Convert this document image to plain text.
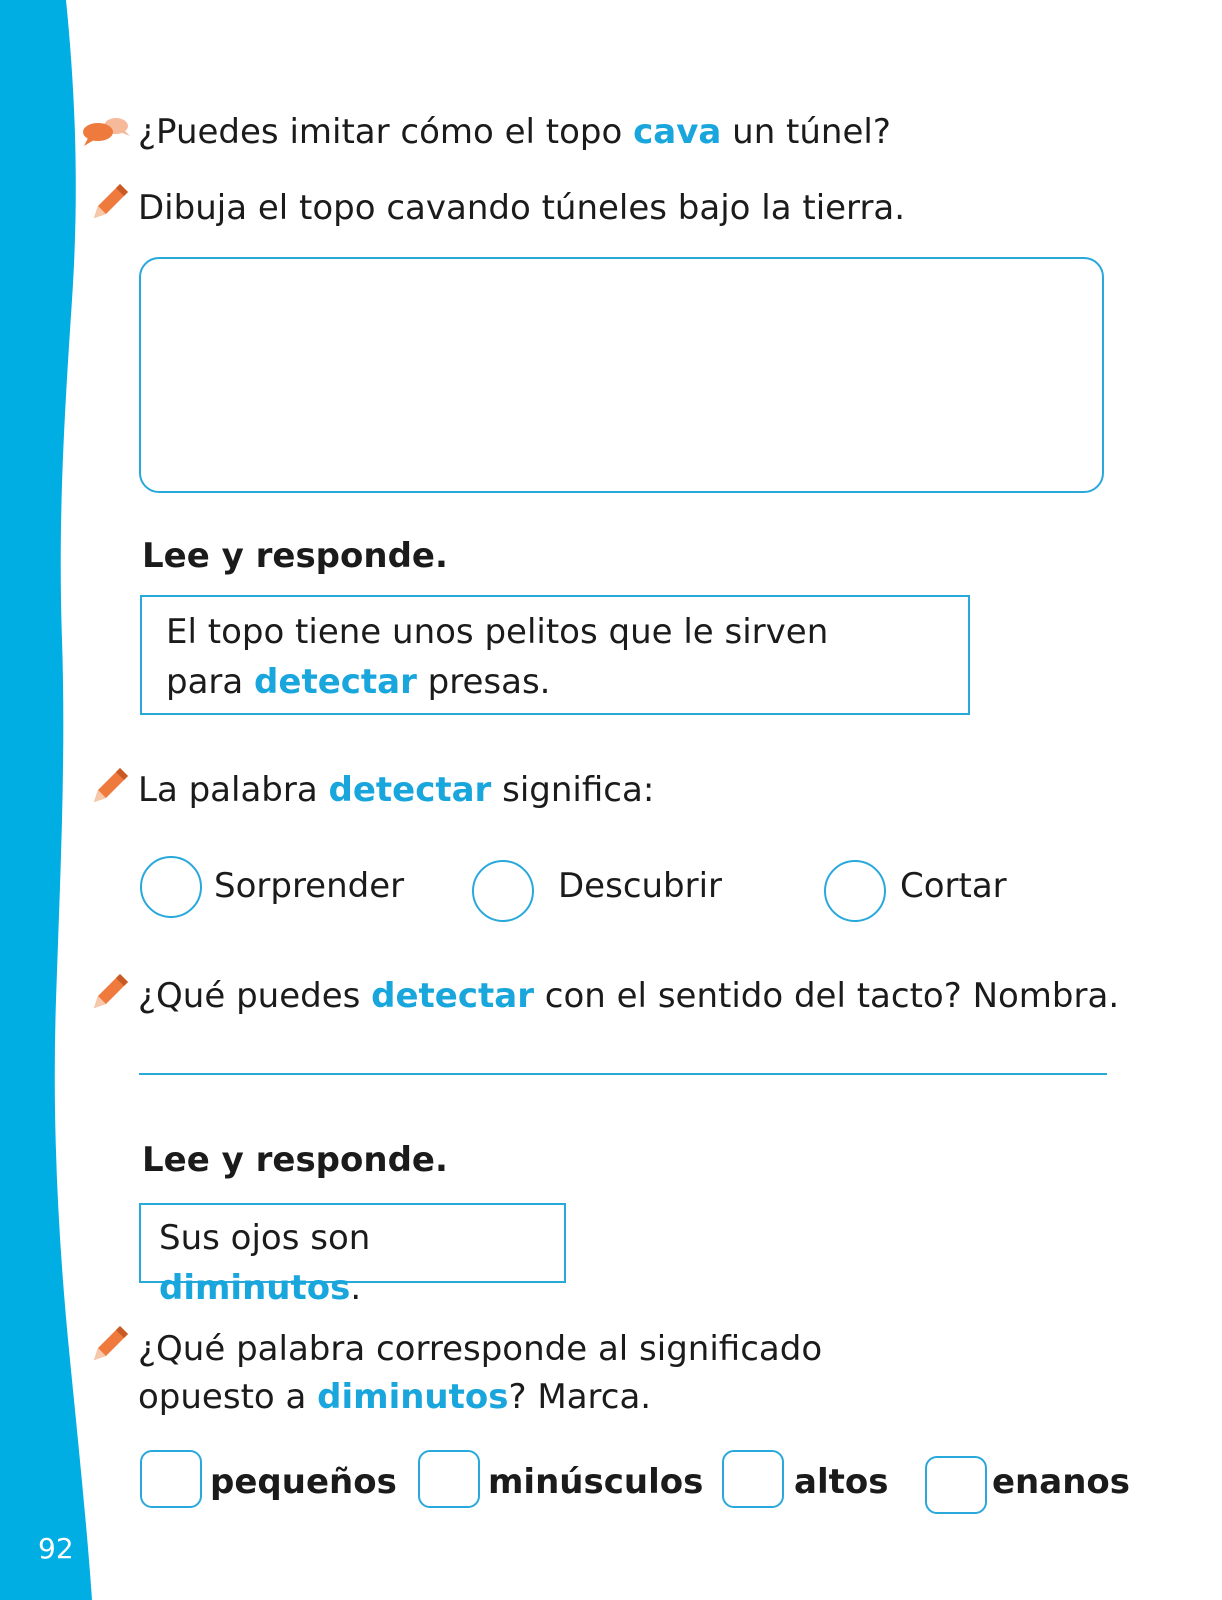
92
¿Puedes imitar cómo el topo cava un túnel?
Dibuja el topo cavando túneles bajo la tierra.
Lee y responde.
El topo tiene unos pelitos que le sirven
para detectar presas.
La palabra detectar significa:
Sorprender	Descubrir	Cortar
¿Qué puedes detectar con el sentido del tacto? Nombra.
Lee y responde.
Sus ojos son diminutos.
¿Qué palabra corresponde al significado
opuesto a diminutos? Marca.
pequeños	minúsculos	altos	enanos
